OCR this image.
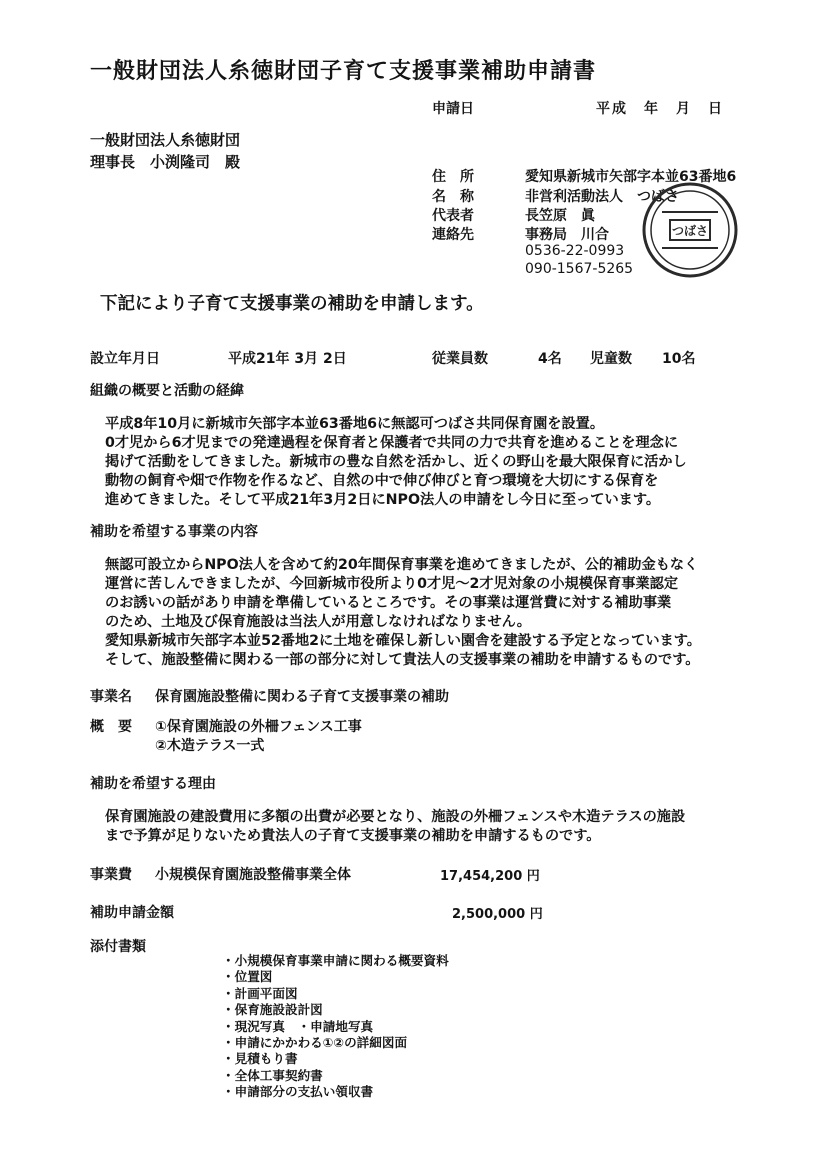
一般財団法人糸徳財団子育て支援事業補助申請書
申請日	平成　年　月　日
一般財団法人糸徳財団
理事長 小渕隆司　殿
住　所	愛知県新城市矢部字本並63番地6
名　称	非営利活動法人　つばさ
代表者	長笠原　眞
連絡先	事務局　川合　
0536-22-0993
090-1567-5265
つばさ
下記により子育て支援事業の補助を申請します。
設立年月日	平成21年 3月 2日	従業員数	4名 児童数 10名
組織の概要と活動の経緯
平成8年10月に新城市矢部字本並63番地6に無認可つばさ共同保育園を設置。
0才児から6才児までの発達過程を保育者と保護者で共同の力で共育を進めることを理念に
掲げて活動をしてきました。新城市の豊な自然を活かし、近くの野山を最大限保育に活かし
動物の飼育や畑で作物を作るなど、自然の中で伸び伸びと育つ環境を大切にする保育を
進めてきました。そして平成21年3月2日にNPO法人の申請をし今日に至っています。
補助を希望する事業の内容
無認可設立からNPO法人を含めて約20年間保育事業を進めてきましたが、公的補助金もなく
運営に苦しんできましたが、今回新城市役所より0才児～2才児対象の小規模保育事業認定
のお誘いの話があり申請を準備しているところです。その事業は運営費に対する補助事業
のため、土地及び保育施設は当法人が用意しなければなりません。
愛知県新城市矢部字本並52番地2に土地を確保し新しい園舎を建設する予定となっています。
そして、施設整備に関わる一部の部分に対して貴法人の支援事業の補助を申請するものです。
事業名 保育園施設整備に関わる子育て支援事業の補助
概　要 ①保育園施設の外柵フェンス工事
②木造テラス一式
補助を希望する理由
保育園施設の建設費用に多額の出費が必要となり、施設の外柵フェンスや木造テラスの施設
まで予算が足りないため貴法人の子育て支援事業の補助を申請するものです。
事業費 小規模保育園施設整備事業全体	17,454,200 円
補助申請金額	2,500,000 円
添付書類
・小規模保育事業申請に関わる概要資料
・位置図
・計画平面図
・保育施設設計図
・現況写真　・申請地写真
・申請にかかわる①②の詳細図面
・見積もり書
・全体工事契約書
・申請部分の支払い領収書
